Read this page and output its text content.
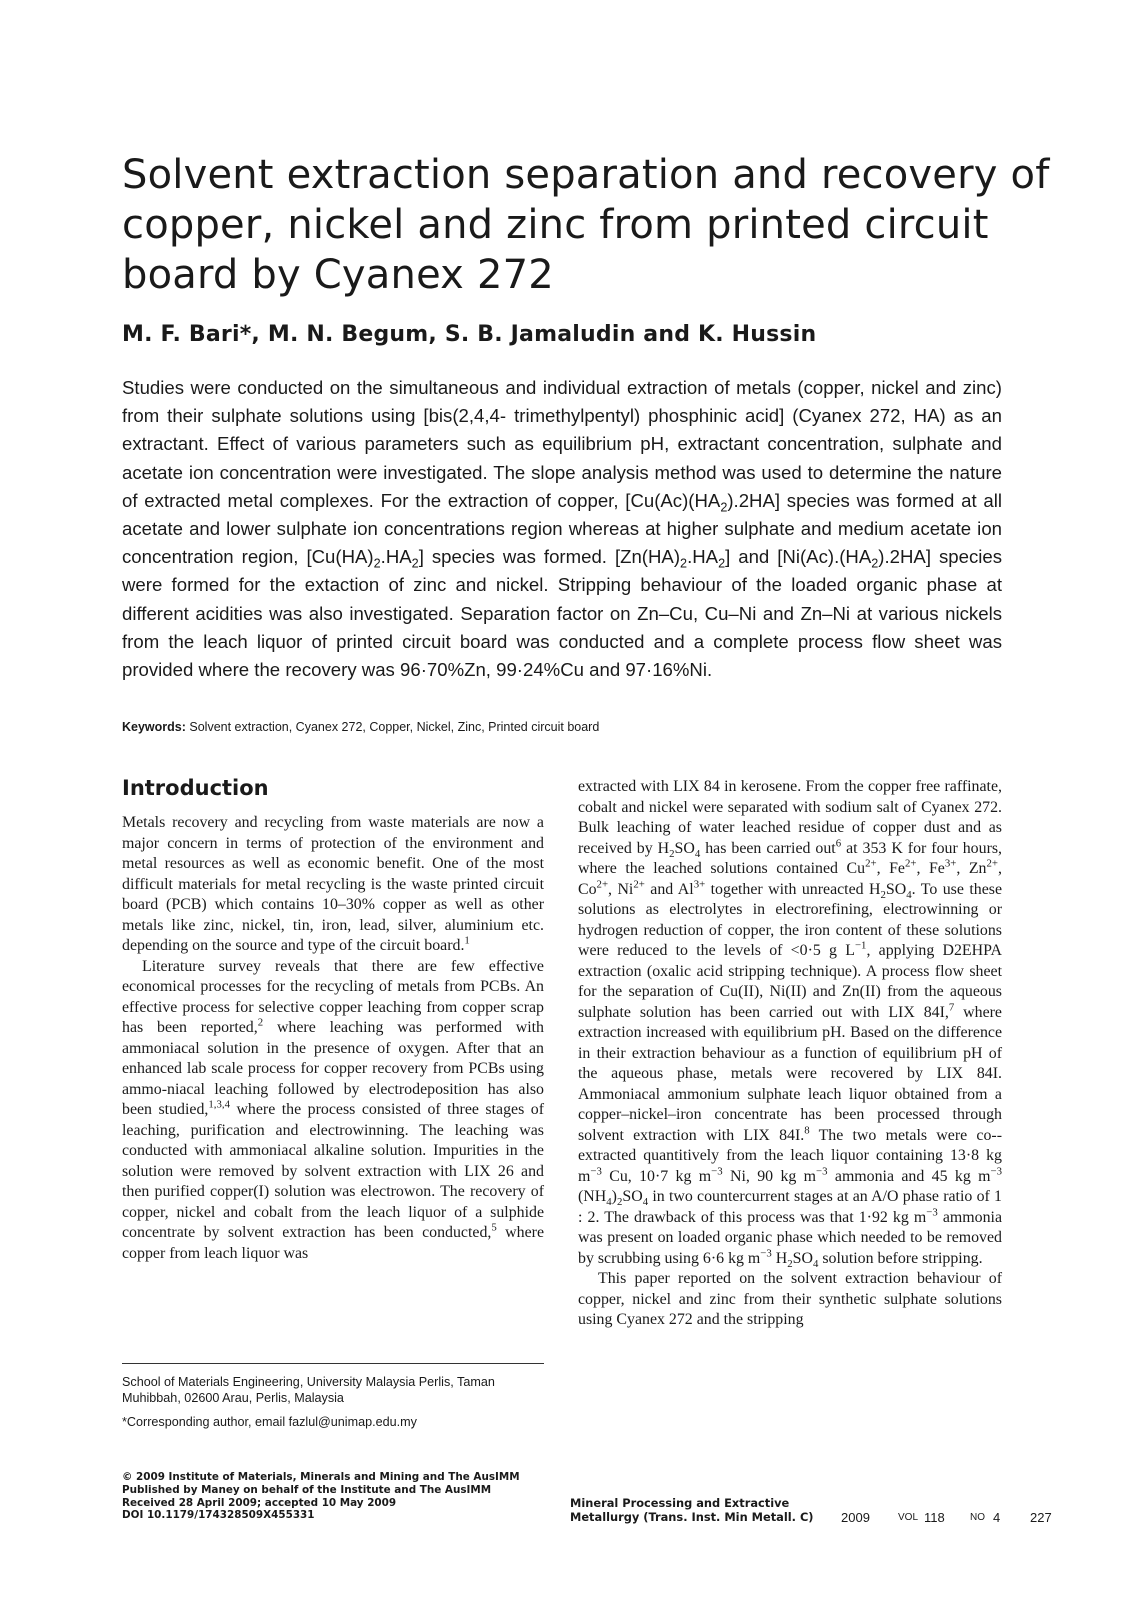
Solvent extraction separation and recovery of
copper, nickel and zinc from printed circuit
board by Cyanex 272
M. F. Bari*, M. N. Begum, S. B. Jamaludin and K. Hussin
Studies were conducted on the simultaneous and individual extraction of metals (copper, nickel and zinc) from their sulphate solutions using [bis(2,4,4- trimethylpentyl) phosphinic acid] (Cyanex 272, HA) as an extractant. Effect of various parameters such as equilibrium pH, extractant concentration, sulphate and acetate ion concentration were investigated. The slope analysis method was used to determine the nature of extracted metal complexes. For the extraction of copper, $[Cu(Ac)(HA_2).2HA]$ species was formed at all acetate and lower sulphate ion concentrations region whereas at higher sulphate and medium acetate ion concentration region, $[Cu(HA)_2.HA_2]$ species was formed. $[Zn(HA)_2.HA_2]$ and $[Ni(Ac).(HA_2).2HA]$ species were formed for the extaction of zinc and nickel. Stripping behaviour of the loaded organic phase at different acidities was also investigated. Separation factor on Zn–Cu, Cu–Ni and Zn–Ni at various nickels from the leach liquor of printed circuit board was conducted and a complete process flow sheet was provided where the recovery was 96·70%Zn, 99·24%Cu and 97·16%Ni.
Keywords: Solvent extraction, Cyanex 272, Copper, Nickel, Zinc, Printed circuit board
Introduction

Metals recovery and recycling from waste materials are now a major concern in terms of protection of the environment and metal resources as well as economic benefit. One of the most difficult materials for metal recycling is the waste printed circuit board (PCB) which contains 10–30% copper as well as other metals like zinc, nickel, tin, iron, lead, silver, aluminium etc. depending on the source and type of the circuit board.$^1$

Literature survey reveals that there are few effective economical processes for the recycling of metals from PCBs. An effective process for selective copper leaching from copper scrap has been reported,$^2$ where leaching was performed with ammoniacal solution in the presence of oxygen. After that an enhanced lab scale process for copper recovery from PCBs using ammo-niacal leaching followed by electrodeposition has also been studied,$^{1,3,4}$ where the process consisted of three stages of leaching, purification and electrowinning. The leaching was conducted with ammoniacal alkaline solution. Impurities in the solution were removed by solvent extraction with LIX 26 and then purified copper(I) solution was electrowon. The recovery of copper, nickel and cobalt from the leach liquor of a sulphide concentrate by solvent extraction has been conducted,$^5$ where copper from leach liquor was

extracted with LIX 84 in kerosene. From the copper free raffinate, cobalt and nickel were separated with sodium salt of Cyanex 272. Bulk leaching of water leached residue of copper dust and as received by $H_2SO_4$ has been carried out$^6$ at 353 K for four hours, where the leached solutions contained $Cu^{2+}$, $Fe^{2+}$, $Fe^{3+}$, $Zn^{2+}$, $Co^{2+}$, $Ni^{2+}$ and $Al^{3+}$ together with unreacted $H_2SO_4$. To use these solutions as electrolytes in electrorefining, electrowinning or hydrogen reduction of copper, the iron content of these solutions were reduced to the levels of <0·5 g $L^{-1}$, applying D2EHPA extraction (oxalic acid stripping technique). A process flow sheet for the separation of Cu(II), Ni(II) and Zn(II) from the aqueous sulphate solution has been carried out with LIX 84I,$^7$ where extraction increased with equilibrium pH. Based on the difference in their extraction behaviour as a function of equilibrium pH of the aqueous phase, metals were recovered by LIX 84I. Ammoniacal ammonium sulphate leach liquor obtained from a copper–nickel–iron concentrate has been processed through solvent extraction with LIX 84I.$^8$ The two metals were co-extracted quantitively from the leach liquor containing 13·8 kg $m^{-3}$ Cu, 10·7 kg $m^{-3}$ Ni, 90 kg $m^{-3}$ ammonia and 45 kg $m^{-3}$ $(NH_4)_2SO_4$ in two countercurrent stages at an A/O phase ratio of 1 : 2. The drawback of this process was that 1·92 kg $m^{-3}$ ammonia was present on loaded organic phase which needed to be removed by scrubbing using 6·6 kg $m^{-3}$ $H_2SO_4$ solution before stripping.

This paper reported on the solvent extraction behaviour of copper, nickel and zinc from their synthetic sulphate solutions using Cyanex 272 and the stripping

School of Materials Engineering, University Malaysia Perlis, Taman Muhibbah, 02600 Arau, Perlis, Malaysia
*Corresponding author, email fazlul@unimap.edu.my
© 2009 Institute of Materials, Minerals and Mining and The AusIMM
Published by Maney on behalf of the Institute and The AusIMM
Received 28 April 2009; accepted 10 May 2009
DOI 10.1179/174328509X455331
Mineral Processing and Extractive
Metallurgy (Trans. Inst. Min Metall. C) 2009	VOL 118	NO 4 227
